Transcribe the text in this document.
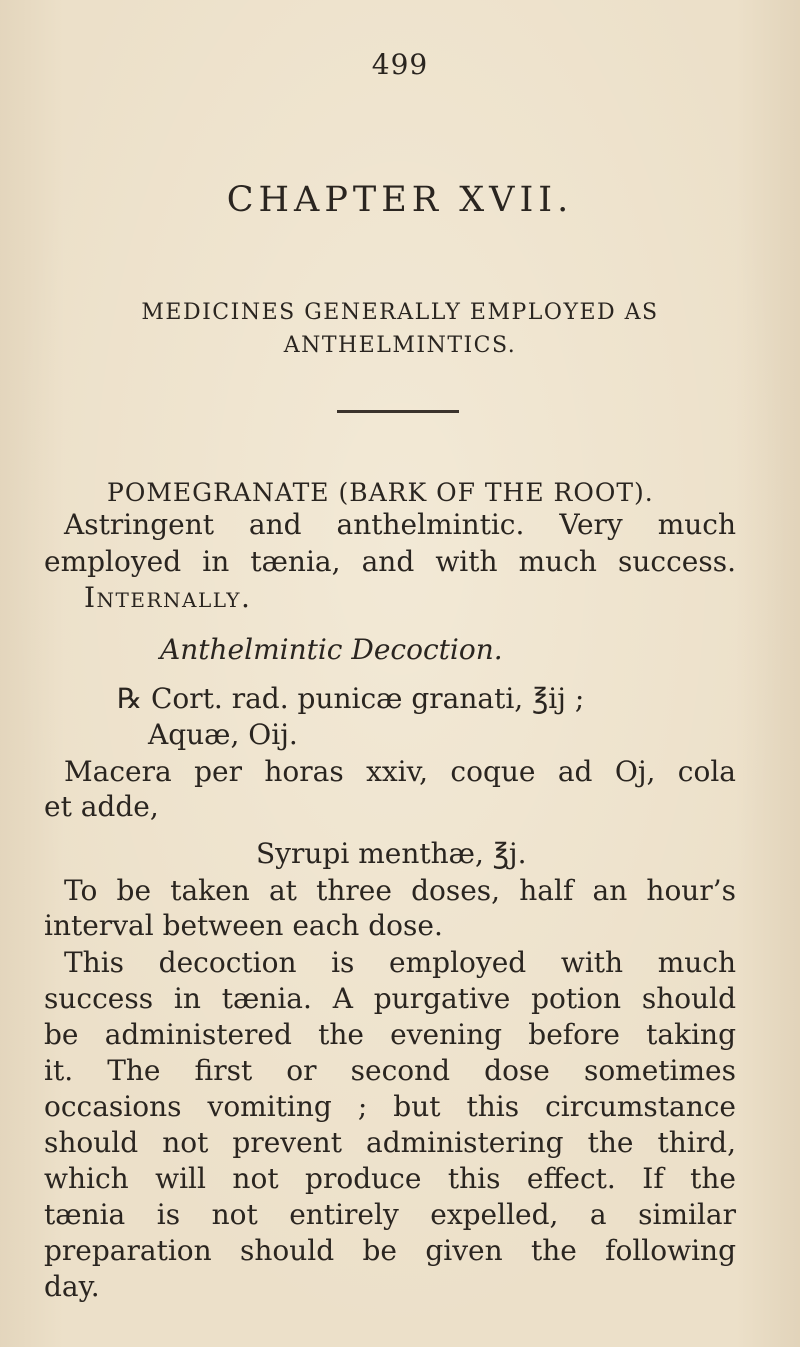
499
CHAPTER XVII.
MEDICINES GENERALLY EMPLOYED AS
ANTHELMINTICS.
POMEGRANATE (BARK OF THE ROOT).
Astringent and anthelmintic. Very much
employed in tænia, and with much success.
Internally.
Anthelmintic Decoction.
℞ Cort. rad. punicæ granati, ℥ij ;
Aquæ, Oij.
Macera per horas xxiv, coque ad Oj, cola
et adde,
Syrupi menthæ, ℥j.
To be taken at three doses, half an hour’s
interval between each dose.
This decoction is employed with much
success in tænia. A purgative potion should
be administered the evening before taking
it. The first or second dose sometimes
occasions vomiting ; but this circumstance
should not prevent administering the third,
which will not produce this effect. If the
tænia is not entirely expelled, a similar
preparation should be given the following
day.
